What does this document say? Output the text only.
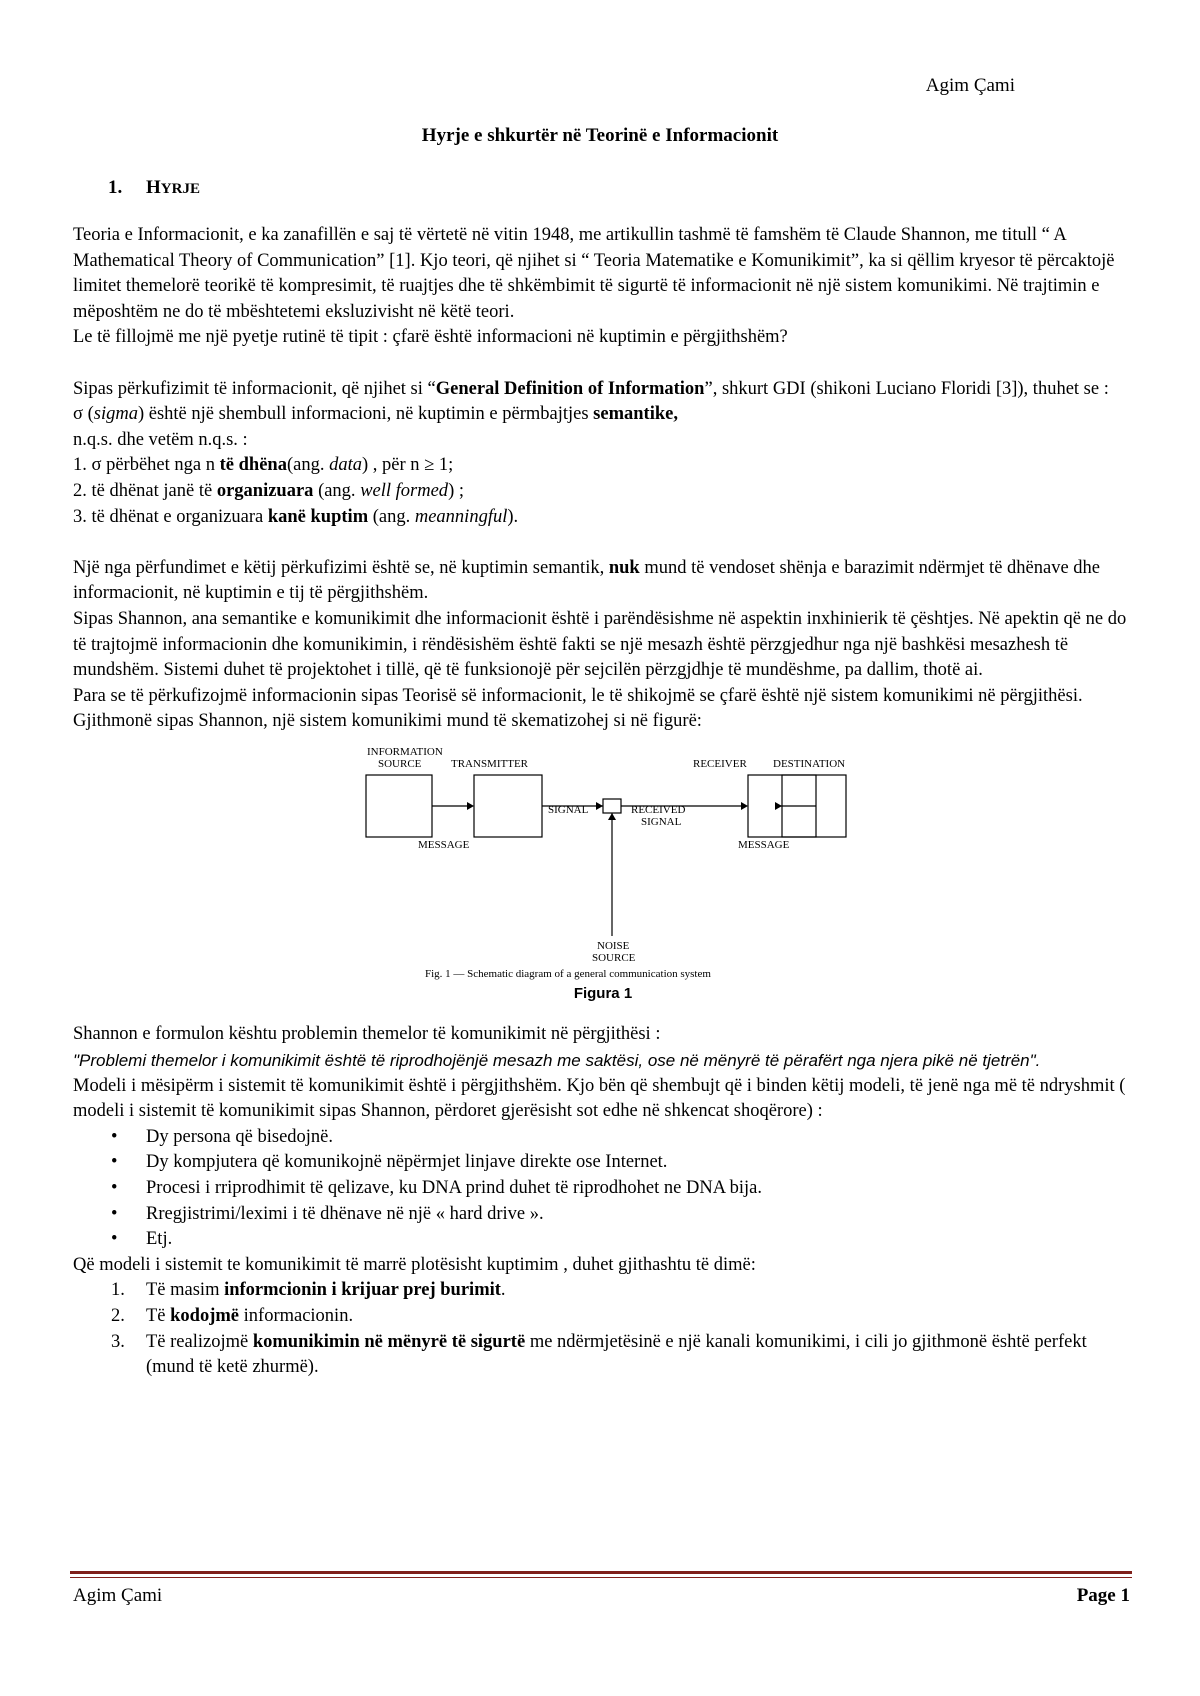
Agim Çami
Hyrje e shkurtër në Teorinë e Informacionit
1. HYRJE

Teoria e Informacionit, e ka zanafillën e saj të vërtetë në vitin 1948, me artikullin tashmë të famshëm të Claude Shannon, me titull “ A Mathematical Theory of Communication” [1]. Kjo teori, që njihet si “ Teoria Matematike e Komunikimit”, ka si qëllim kryesor të përcaktojë limitet themelorë teorikë të kompresimit, të ruajtjes dhe të shkëmbimit të sigurtë të informacionit në një sistem komunikimi. Në trajtimin e mëposhtëm ne do të mbështetemi eksluzivisht në këtë teori.

Le të fillojmë me një pyetje rutinë të tipit : çfarë është informacioni në kuptimin e përgjithshëm?

Sipas përkufizimit të informacionit, që njihet si “General Definition of Information”, shkurt GDI (shikoni Luciano Floridi [3]), thuhet se :

σ (sigma) është një shembull informacioni, në kuptimin e përmbajtjes semantike,

n.q.s. dhe vetëm n.q.s. :

1. σ përbëhet nga n të dhëna(ang. data) , për n ≥ 1;

2. të dhënat janë të organizuara (ang. well formed) ;

3. të dhënat e organizuara kanë kuptim (ang. meanningful).

Një nga përfundimet e këtij përkufizimi është se, në kuptimin semantik, nuk mund të vendoset shënja e barazimit ndërmjet të dhënave dhe informacionit, në kuptimin e tij të përgjithshëm.

Sipas Shannon, ana semantike e komunikimit dhe informacionit është i parëndësishme në aspektin inxhinierik të çështjes. Në apektin që ne do të trajtojmë informacionin dhe komunikimin, i rëndësishëm është fakti se një mesazh është përzgjedhur nga një bashkësi mesazhesh të mundshëm. Sistemi duhet të projektohet i tillë, që të funksionojë për sejcilën përzgjdhje të mundëshme, pa dallim, thotë ai.

Para se të përkufizojmë informacionin sipas Teorisë së informacionit, le të shikojmë se çfarë është një sistem komunikimi në përgjithësi.

Gjithmonë sipas Shannon, një sistem komunikimi mund të skematizohej si në figurë:

INFORMATION
SOURCE	TRANSMITTER	RECEIVER DESTINATION
SIGNAL	RECEIVED
SIGNAL
MESSAGE	MESSAGE
NOISE
SOURCE
Fig. 1 — Schematic diagram of a general communication system
Figura 1

Shannon e formulon kështu problemin themelor të komunikimit në përgjithësi :

"Problemi themelor i komunikimit është të riprodhojënjë mesazh me saktësi, ose në mënyrë të përafërt nga njera pikë në tjetrën".

Modeli i mësipërm i sistemit të komunikimit është i përgjithshëm. Kjo bën që shembujt që i binden këtij modeli, të jenë nga më të ndryshmit ( modeli i sistemit të komunikimit sipas Shannon, përdoret gjerësisht sot edhe në shkencat shoqërore) :

• Dy persona që bisedojnë.
• Dy kompjutera që komunikojnë nëpërmjet linjave direkte ose Internet.
• Procesi i rriprodhimit të qelizave, ku DNA prind duhet të riprodhohet ne DNA bija.
• Rregjistrimi/leximi i të dhënave në një « hard drive ».
• Etj.

Që modeli i sistemit te komunikimit të marrë plotësisht kuptimim , duhet gjithashtu të dimë:

1. Të masim informcionin i krijuar prej burimit.
2. Të kodojmë informacionin.
3. Të realizojmë komunikimin në mënyrë të sigurtë me ndërmjetësinë e një kanali komunikimi, i cili jo gjithmonë është perfekt (mund të ketë zhurmë).
Agim Çami	Page 1
